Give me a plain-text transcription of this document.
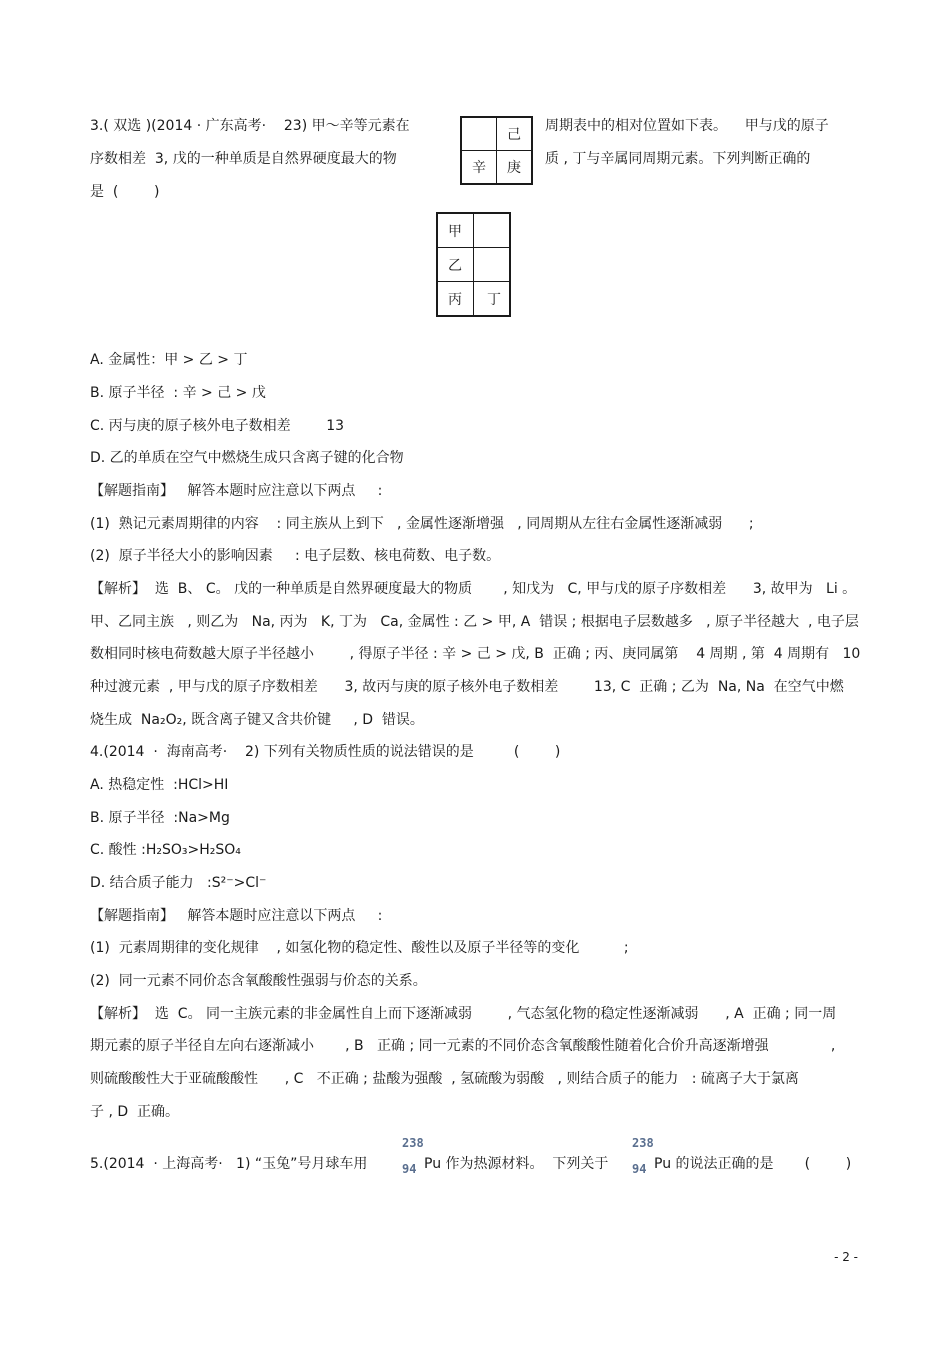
3.( 双选 )(2014 · 广东高考·    23) 甲～辛等元素在	周期表中的相对位置如下表。    甲与戊的原子
序数相差  3, 戊的一种单质是自然界硬度最大的物	质 , 丁与辛属同周期元素。下列判断正确的
是  (        )
	己
辛	庚
甲	
乙	
丙	丁
A. 金属性：甲 > 乙 > 丁
B. 原子半径  : 辛 > 己 > 戊
C. 丙与庚的原子核外电子数相差        13
D. 乙的单质在空气中燃烧生成只含离子键的化合物
【解题指南】   解答本题时应注意以下两点     :
(1)  熟记元素周期律的内容    : 同主族从上到下   , 金属性逐渐增强   , 同周期从左往右金属性逐渐减弱      ;
(2)  原子半径大小的影响因素     : 电子层数、核电荷数、电子数。
【解析】  选  B、 C。 戊的一种单质是自然界硬度最大的物质       , 知戊为   C, 甲与戊的原子序数相差      3, 故甲为   Li 。
甲、乙同主族   , 则乙为   Na, 丙为   K, 丁为   Ca, 金属性 : 乙 > 甲, A  错误 ; 根据电子层数越多   , 原子半径越大  , 电子层
数相同时核电荷数越大原子半径越小        , 得原子半径 : 辛 > 己 > 戊, B  正确 ; 丙、庚同属第    4 周期 , 第  4 周期有   10
种过渡元素  , 甲与戊的原子序数相差      3, 故丙与庚的原子核外电子数相差        13, C  正确 ; 乙为  Na, Na  在空气中燃
烧生成  Na₂O₂, 既含离子键又含共价键     , D  错误。
4.(2014  ·  海南高考·    2) 下列有关物质性质的说法错误的是         (        )
A. 热稳定性  :HCl>HI
B. 原子半径  :Na>Mg
C. 酸性 :H₂SO₃>H₂SO₄
D. 结合质子能力   :S²⁻>Cl⁻
【解题指南】   解答本题时应注意以下两点     :
(1)  元素周期律的变化规律    , 如氢化物的稳定性、酸性以及原子半径等的变化          ;
(2)  同一元素不同价态含氧酸酸性强弱与价态的关系。
【解析】  选  C。 同一主族元素的非金属性自上而下逐渐减弱        , 气态氢化物的稳定性逐渐减弱      , A  正确 ; 同一周
期元素的原子半径自左向右逐渐减小       , B   正确 ; 同一元素的不同价态含氧酸酸性随着化合价升高逐渐增强              ,
则硫酸酸性大于亚硫酸酸性      , C   不正确 ; 盐酸为强酸  , 氢硫酸为弱酸   , 则结合质子的能力   : 硫离子大于氯离
子 , D  正确。
5.(2014  · 上海高考·   1) “玉兔”号月球车用
238
94 Pu 作为热源材料。  下列关于
238
94 Pu 的说法正确的是       (        )
- 2 -
